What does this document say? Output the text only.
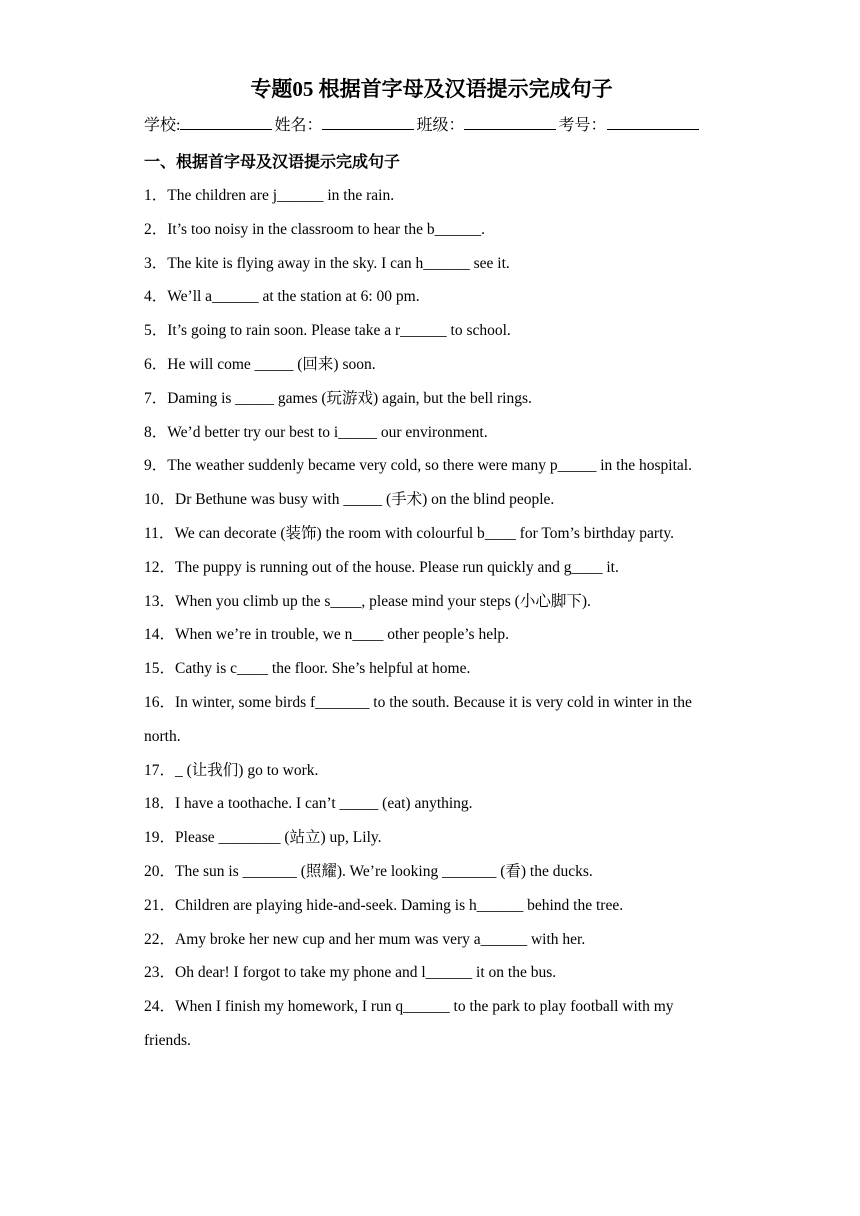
专题05 根据首字母及汉语提示完成句子
学校:	姓名：	班级：	考号：
一、根据首字母及汉语提示完成句子
1．The children are j______ in the rain.
2．It’s too noisy in the classroom to hear the b______.
3．The kite is flying away in the sky. I can h______ see it.
4．We’ll a______ at the station at 6: 00 pm.
5．It’s going to rain soon. Please take a r______ to school.
6．He will come _____ (回来) soon.
7．Daming is _____ games (玩游戏) again, but the bell rings.
8．We’d better try our best to i_____ our environment.
9．The weather suddenly became very cold, so there were many p_____ in the hospital.
10．Dr Bethune was busy with _____ (手术) on the blind people.
11．We can decorate (装饰) the room with colourful b____ for Tom’s birthday party.
12．The puppy is running out of the house. Please run quickly and g____ it.
13．When you climb up the s____, please mind your steps (小心脚下).
14．When we’re in trouble, we n____ other people’s help.
15．Cathy is c____ the floor. She’s helpful at home.
16．In winter, some birds f_______ to the south. Because it is very cold in winter in the north.
17．_ (让我们) go to work.
18．I have a toothache. I can’t _____ (eat) anything.
19．Please ________ (站立) up, Lily.
20．The sun is _______ (照耀). We’re looking _______ (看) the ducks.
21．Children are playing hide-and-seek. Daming is h______ behind the tree.
22．Amy broke her new cup and her mum was very a______ with her.
23．Oh dear! I forgot to take my phone and l______ it on the bus.
24．When I finish my homework, I run q______ to the park to play football with my friends.
